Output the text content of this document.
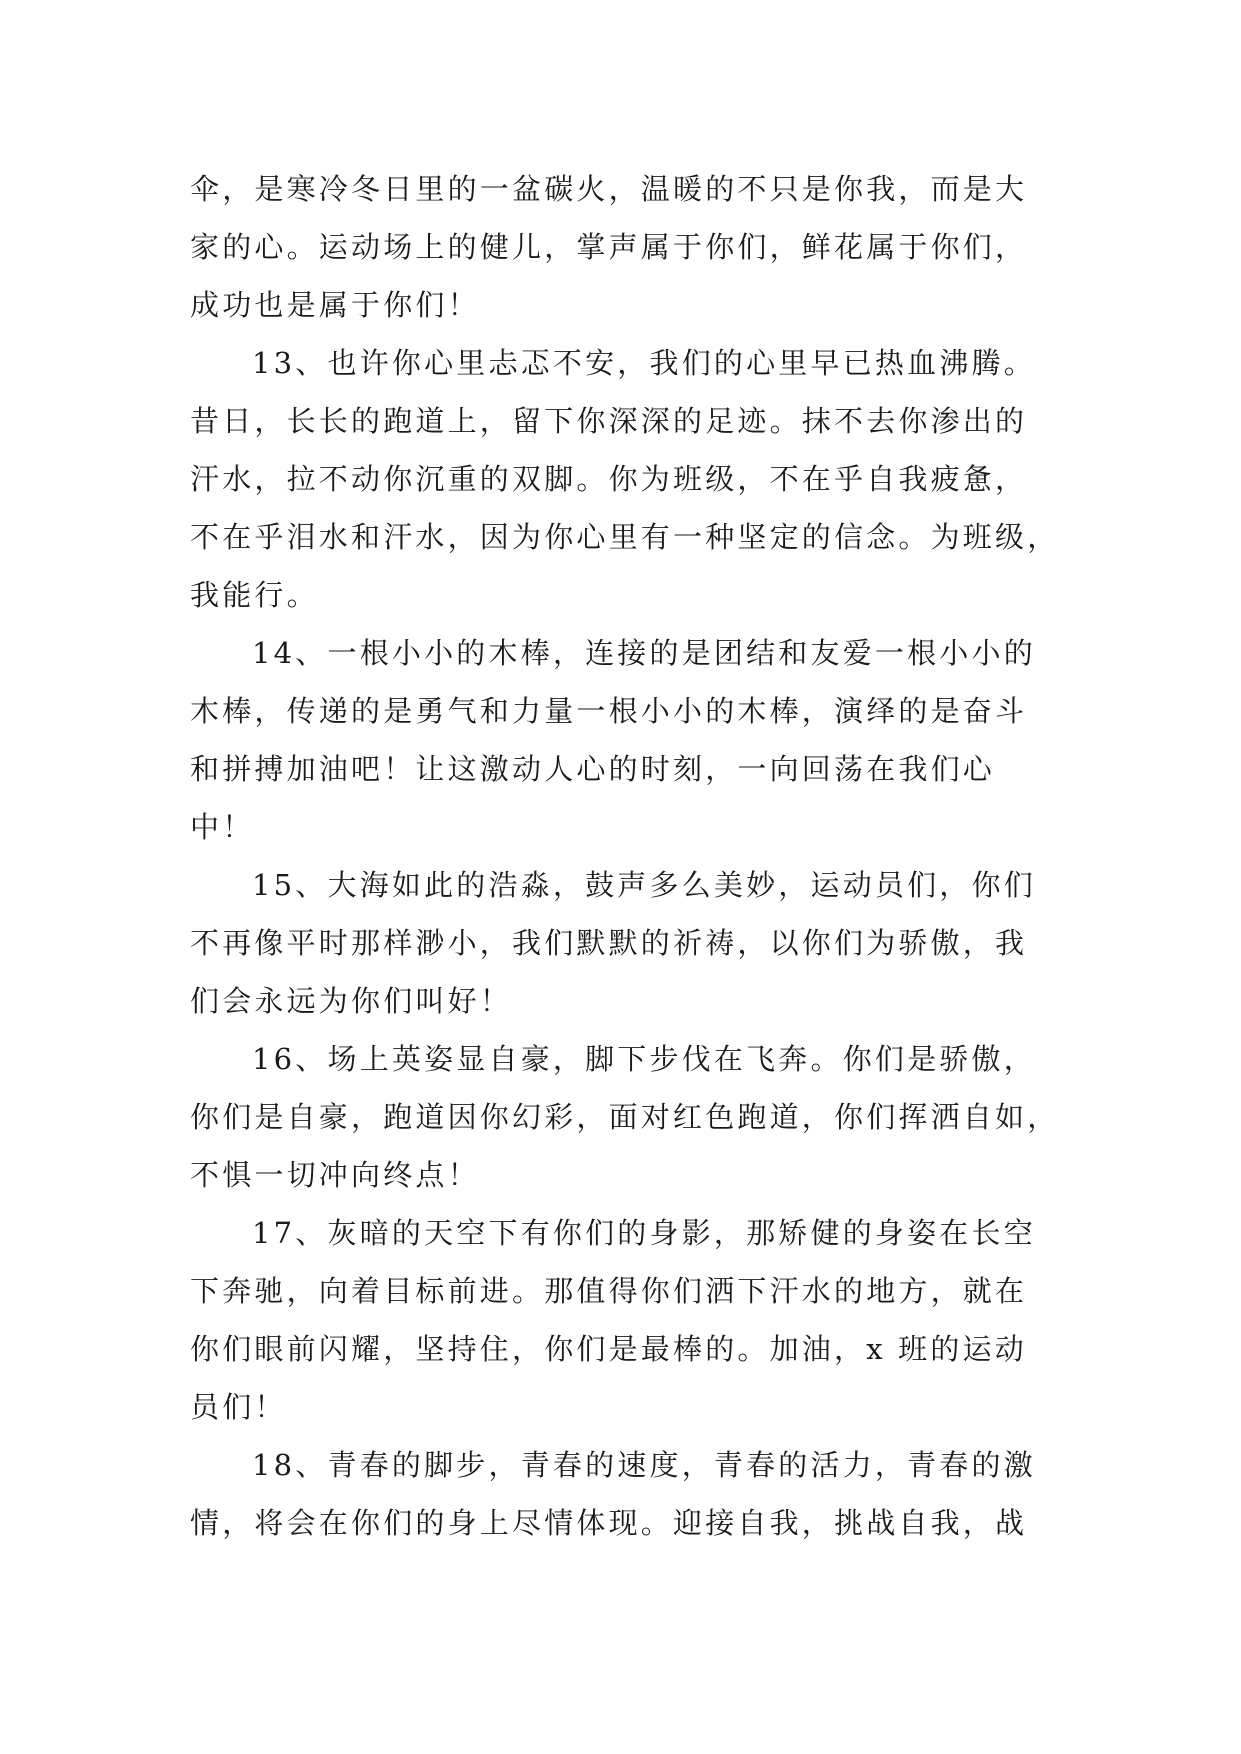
伞，是寒冷冬日里的一盆碳火，温暖的不只是你我，而是大
家的心。运动场上的健儿，掌声属于你们，鲜花属于你们，
成功也是属于你们！
13、也许你心里忐忑不安，我们的心里早已热血沸腾。
昔日，长长的跑道上，留下你深深的足迹。抹不去你渗出的
汗水，拉不动你沉重的双脚。你为班级，不在乎自我疲惫，
不在乎泪水和汗水，因为你心里有一种坚定的信念。为班级，
我能行。
14、一根小小的木棒，连接的是团结和友爱一根小小的
木棒，传递的是勇气和力量一根小小的木棒，演绎的是奋斗
和拼搏加油吧！让这激动人心的时刻，一向回荡在我们心
中！
15、大海如此的浩淼，鼓声多么美妙，运动员们，你们
不再像平时那样渺小，我们默默的祈祷，以你们为骄傲，我
们会永远为你们叫好！
16、场上英姿显自豪，脚下步伐在飞奔。你们是骄傲，
你们是自豪，跑道因你幻彩，面对红色跑道，你们挥洒自如，
不惧一切冲向终点！
17、灰暗的天空下有你们的身影，那矫健的身姿在长空
下奔驰，向着目标前进。那值得你们洒下汗水的地方，就在
你们眼前闪耀，坚持住，你们是最棒的。加油，x 班的运动
员们！
18、青春的脚步，青春的速度，青春的活力，青春的激
情，将会在你们的身上尽情体现。迎接自我，挑战自我，战
